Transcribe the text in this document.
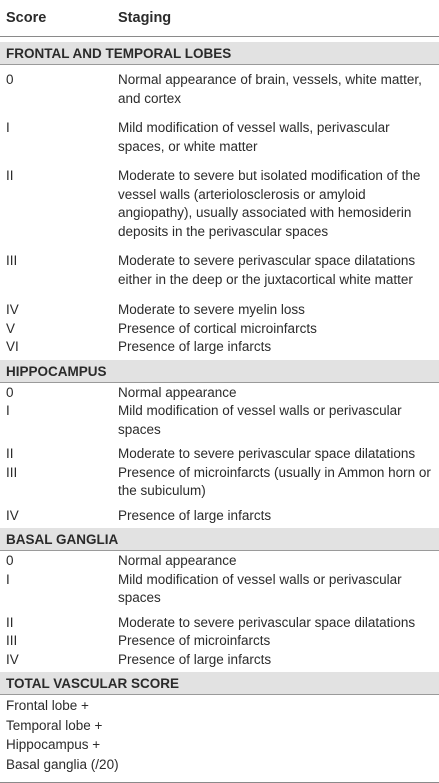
Score	Staging
FRONTAL AND TEMPORAL LOBES
0	Normal appearance of brain, vessels, white matter, and cortex
I	Mild modification of vessel walls, perivascular spaces, or white matter
II	Moderate to severe but isolated modification of the vessel walls (arteriolosclerosis or amyloid angiopathy), usually associated with hemosiderin deposits in the perivascular spaces
III	Moderate to severe perivascular space dilatations either in the deep or the juxtacortical white matter
IV	Moderate to severe myelin loss
V	Presence of cortical microinfarcts
VI	Presence of large infarcts
HIPPOCAMPUS
0	Normal appearance
I	Mild modification of vessel walls or perivascular spaces
II	Moderate to severe perivascular space dilatations
III	Presence of microinfarcts (usually in Ammon horn or the subiculum)
IV	Presence of large infarcts
BASAL GANGLIA
0	Normal appearance
I	Mild modification of vessel walls or perivascular spaces
II	Moderate to severe perivascular space dilatations
III	Presence of microinfarcts
IV	Presence of large infarcts
TOTAL VASCULAR SCORE
Frontal lobe + Temporal lobe + Hippocampus + Basal ganglia (/20)
